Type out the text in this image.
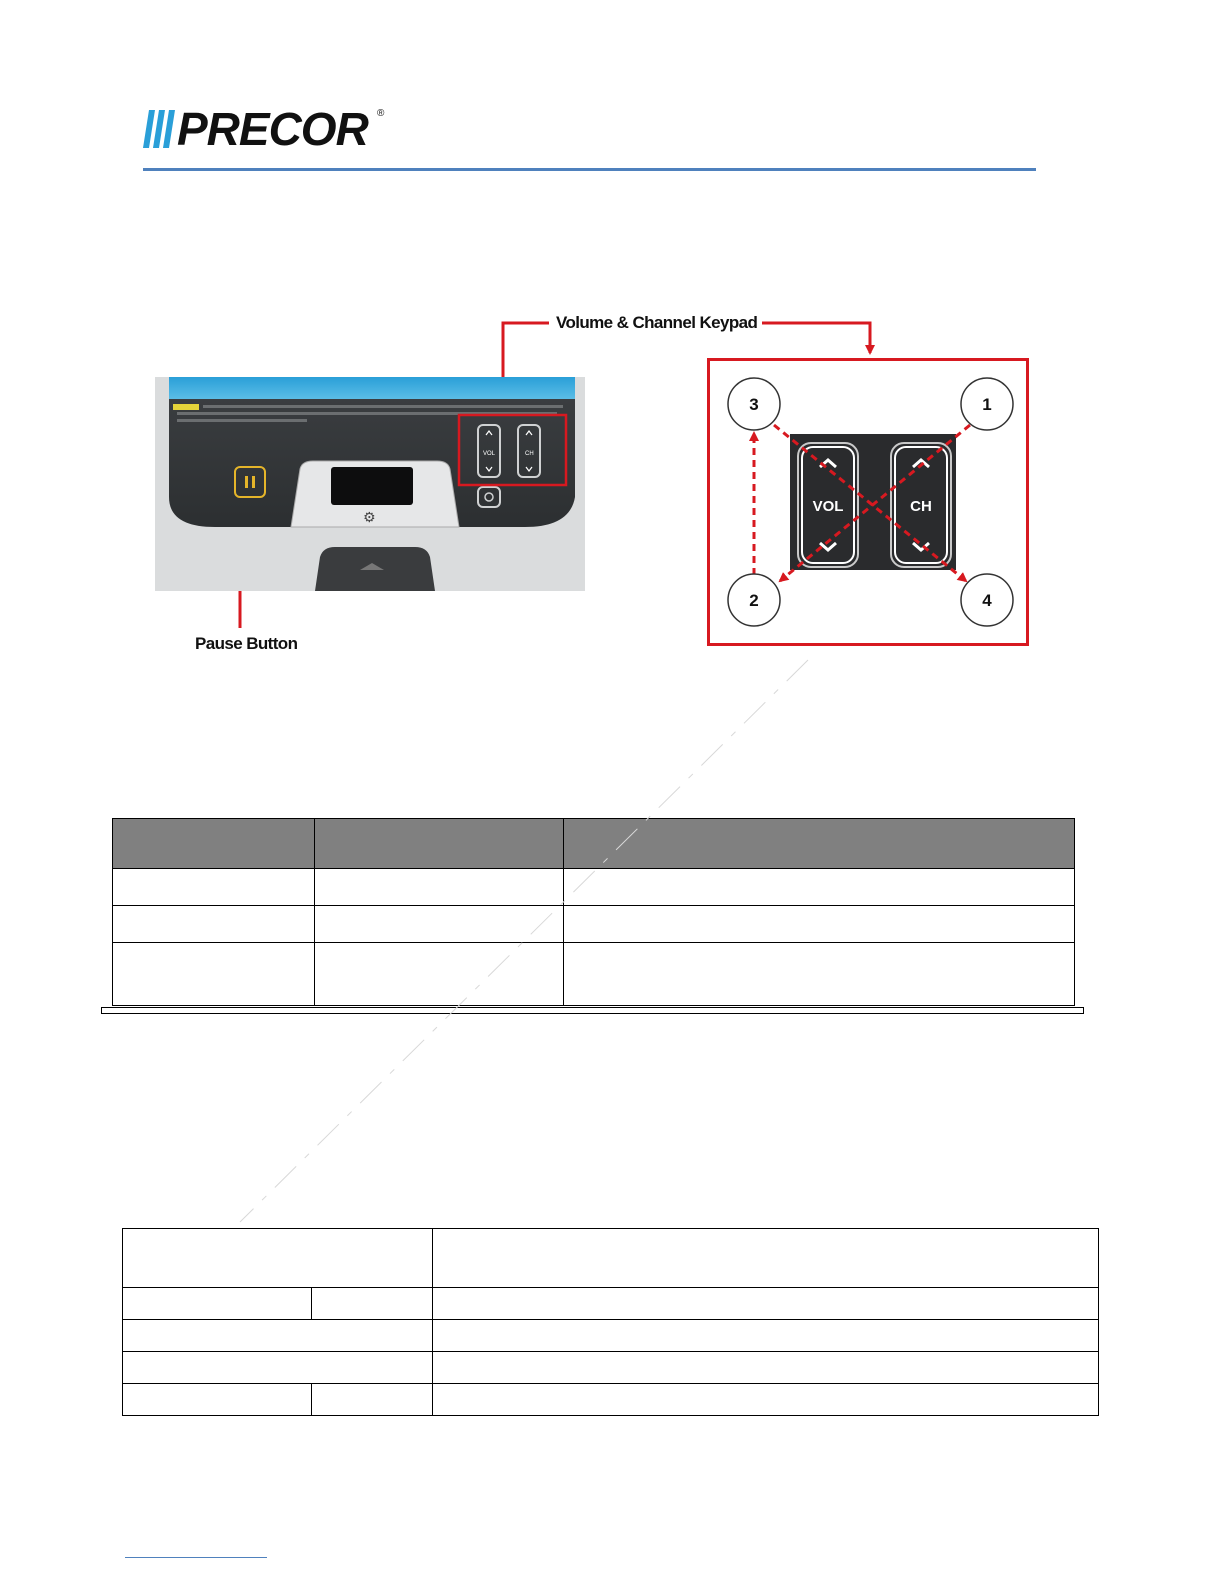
PRECOR ®
Volume & Channel Keypad
Pause Button
⚙
VOL	CH
VOL	CH
1
2
3
4
